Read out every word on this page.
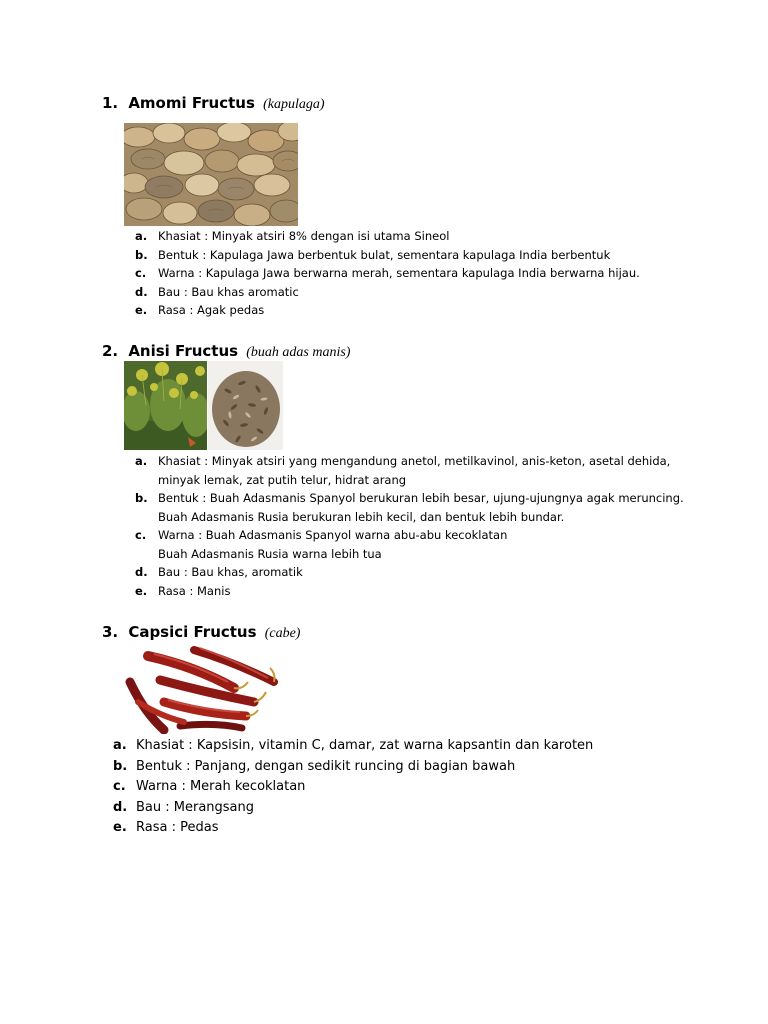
1. Amomi Fructus (kapulaga)
a. Khasiat : Minyak atsiri 8% dengan isi utama Sineol
b. Bentuk : Kapulaga Jawa berbentuk bulat, sementara kapulaga India berbentuk
c. Warna : Kapulaga Jawa berwarna merah, sementara kapulaga India berwarna hijau.
d. Bau : Bau khas aromatic
e. Rasa : Agak pedas
2. Anisi Fructus (buah adas manis)
a. Khasiat : Minyak atsiri yang mengandung anetol, metilkavinol, anis-keton, asetal dehida,
minyak lemak, zat putih telur, hidrat arang
b. Bentuk : Buah Adasmanis Spanyol berukuran lebih besar, ujung-ujungnya agak meruncing.
Buah Adasmanis Rusia berukuran lebih kecil, dan bentuk lebih bundar.
c. Warna : Buah Adasmanis Spanyol warna abu-abu kecoklatan
Buah Adasmanis Rusia warna lebih tua
d. Bau : Bau khas, aromatik
e. Rasa : Manis
3. Capsici Fructus (cabe)
a. Khasiat : Kapsisin, vitamin C, damar, zat warna kapsantin dan karoten
b. Bentuk : Panjang, dengan sedikit runcing di bagian bawah
c. Warna : Merah kecoklatan
d. Bau : Merangsang
e. Rasa : Pedas
